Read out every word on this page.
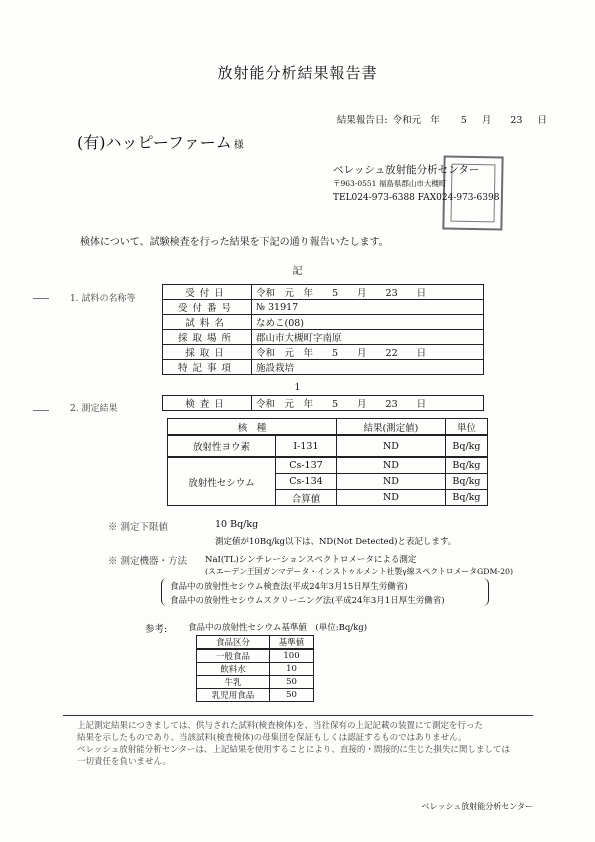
放射能分析結果報告書
結果報告日: 令和元 年 5 月 23 日
(有)ハッピーファーム 様
ベレッシュ放射能分析センター
〒963-0551 福島県郡山市大槻町
TEL024-973-6388 FAX024-973-6398
検体について、試験検査を行った結果を下記の通り報告いたします。
記
1. 試料の名称等	受付日	令和　元　年　　5　　月　　23　　日
受付番号	№ 31917
試料名	なめこ(08)
採取場所	郡山市大槻町字南原
採取日	令和　元　年　　5　　月　　22　　日
特記事項	施設栽培
1
2. 測定結果	検査日	令和　元　年　　5　　月　　23　　日
核　種		結果(測定値)	単位
放射性ヨウ素	I-131	ND	Bq/kg
放射性セシウム	Cs-137	ND	Bq/kg
	Cs-134	ND	Bq/kg
	合算値	ND	Bq/kg
※ 測定下限値	10 Bq/kg
測定値が10Bq/kg以下は、ND(Not Detected)と表記します。
※ 測定機器・方法 NaI(TL)シンチレーションスペクトロメータによる測定
(スエーデン王国ガンマデータ・インストゥルメント社製γ線スペクトロメータGDM-20)
食品中の放射性セシウム検査法(平成24年3月15日厚生労働省)
食品中の放射性セシウムスクリーニング法(平成24年3月1日厚生労働省)
参考: 食品中の放射性セシウム基準値　(単位:Bq/kg)
食品区分	基準値
一般食品	100
飲料水	10
牛乳	50
乳児用食品	50
上記測定結果につきましては、供与された試料(検査検体)を、当社保有の上記記載の装置にて測定を行った
結果を示したものであり、当該試料(検査検体)の母集団を保証もしくは認証するものではありません。
ベレッシュ放射能分析センターは、上記結果を使用することにより、直接的・間接的に生じた損失に関しましては
一切責任を負いません。
ベレッシュ放射能分析センター
